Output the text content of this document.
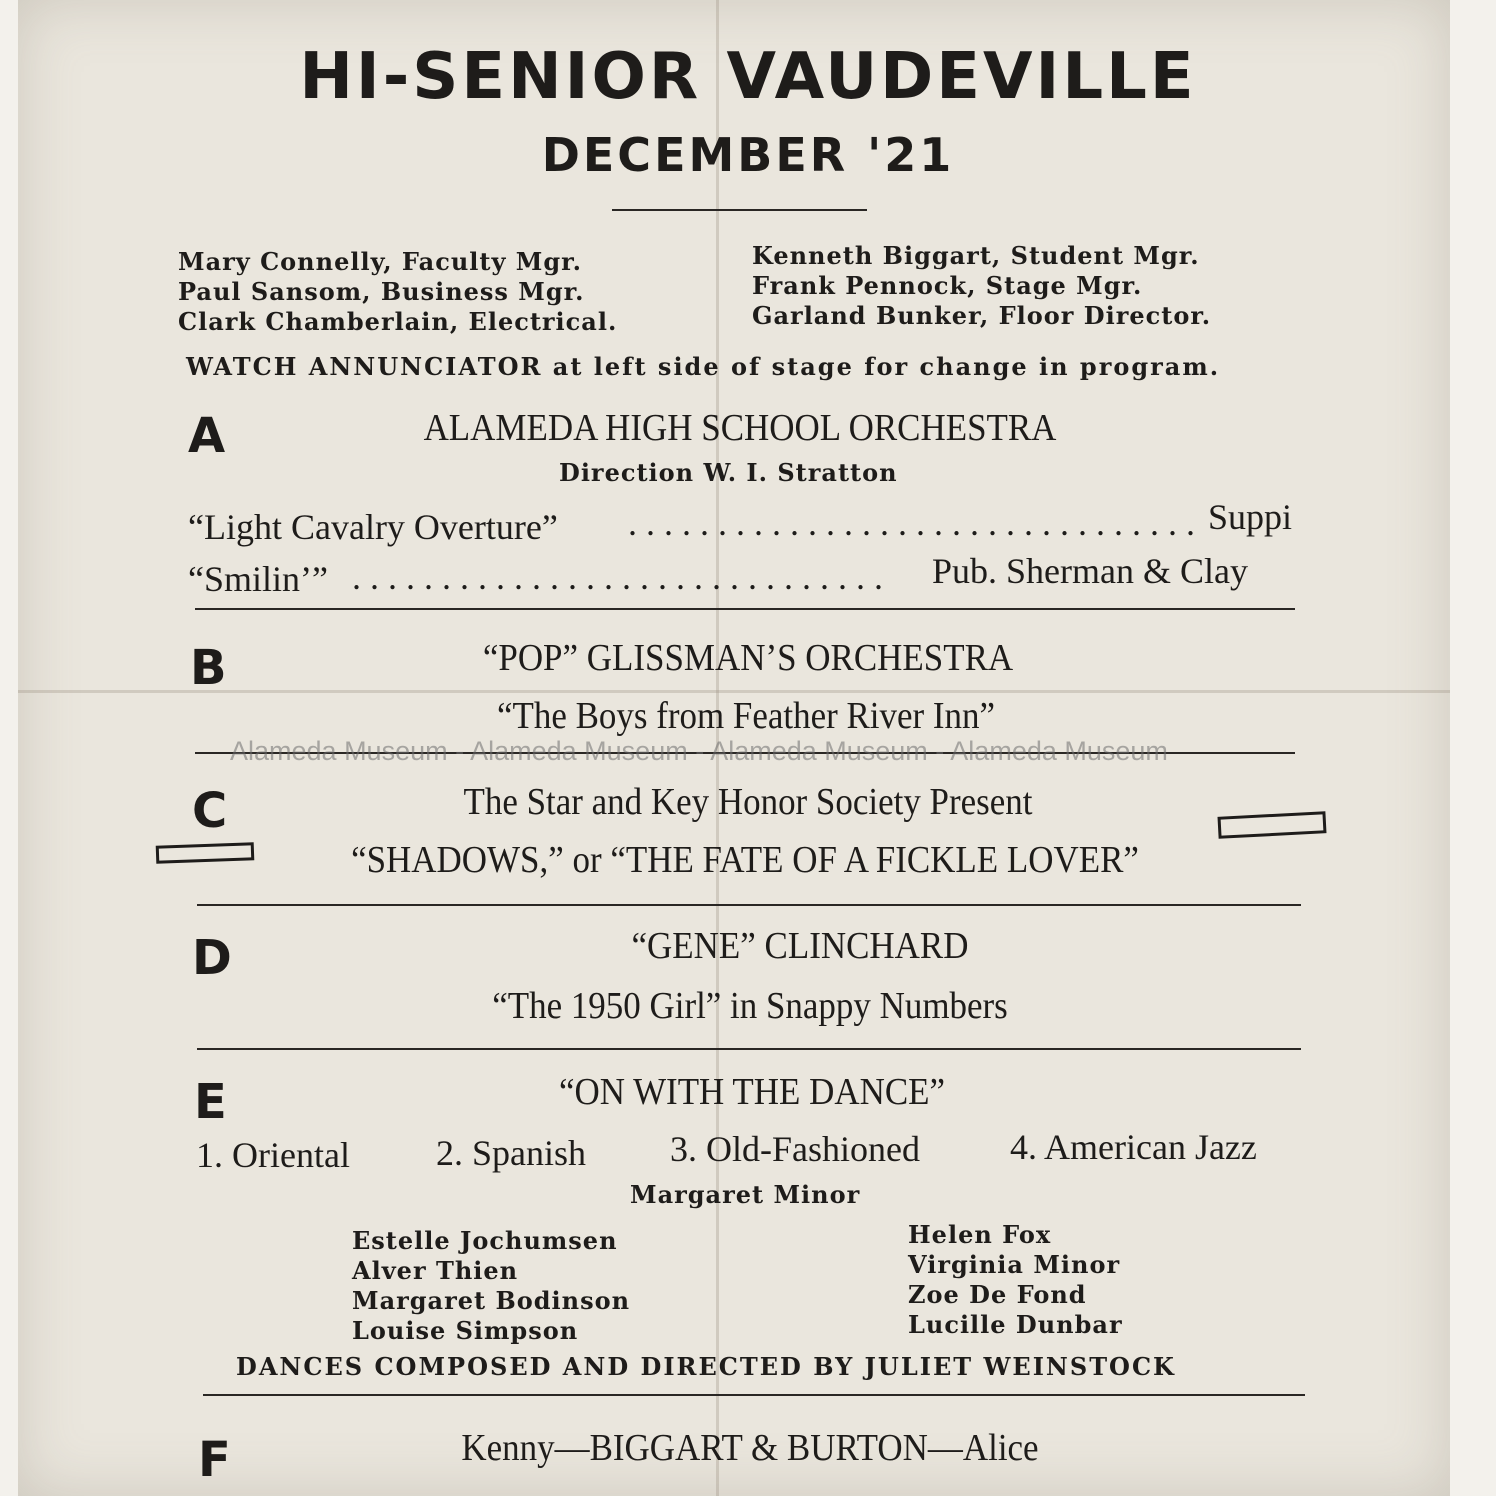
HI-SENIOR VAUDEVILLE
DECEMBER '21
Mary Connelly, Faculty Mgr.
Paul Sansom, Business Mgr.
Clark Chamberlain, Electrical.
Kenneth Biggart, Student Mgr.
Frank Pennock, Stage Mgr.
Garland Bunker, Floor Director.
WATCH ANNUNCIATOR at left side of stage for change in program.
A	ALAMEDA HIGH SCHOOL ORCHESTRA
Direction W. I. Stratton
“Light Cavalry Overture” . . . . . . . . . . . . . . . . . . . . . . . . . . . . . . . . Suppi
“Smilin’” . . . . . . . . . . . . . . . . . . . . . . . . . . . . . . Pub. Sherman & Clay
B	“POP” GLISSMAN’S ORCHESTRA
“The Boys from Feather River Inn”
Alameda Museum - Alameda Museum - Alameda Museum - Alameda Museum
C	The Star and Key Honor Society Present
“SHADOWS,” or “THE FATE OF A FICKLE LOVER”
D	“GENE” CLINCHARD
“The 1950 Girl” in Snappy Numbers
E	“ON WITH THE DANCE”
1. Oriental 2. Spanish 3. Old-Fashioned	4. American Jazz
Margaret Minor
Estelle Jochumsen
Alver Thien
Margaret Bodinson
Louise Simpson
Helen Fox
Virginia Minor
Zoe De Fond
Lucille Dunbar
DANCES COMPOSED AND DIRECTED BY JULIET WEINSTOCK
F	Kenny—BIGGART & BURTON—Alice
